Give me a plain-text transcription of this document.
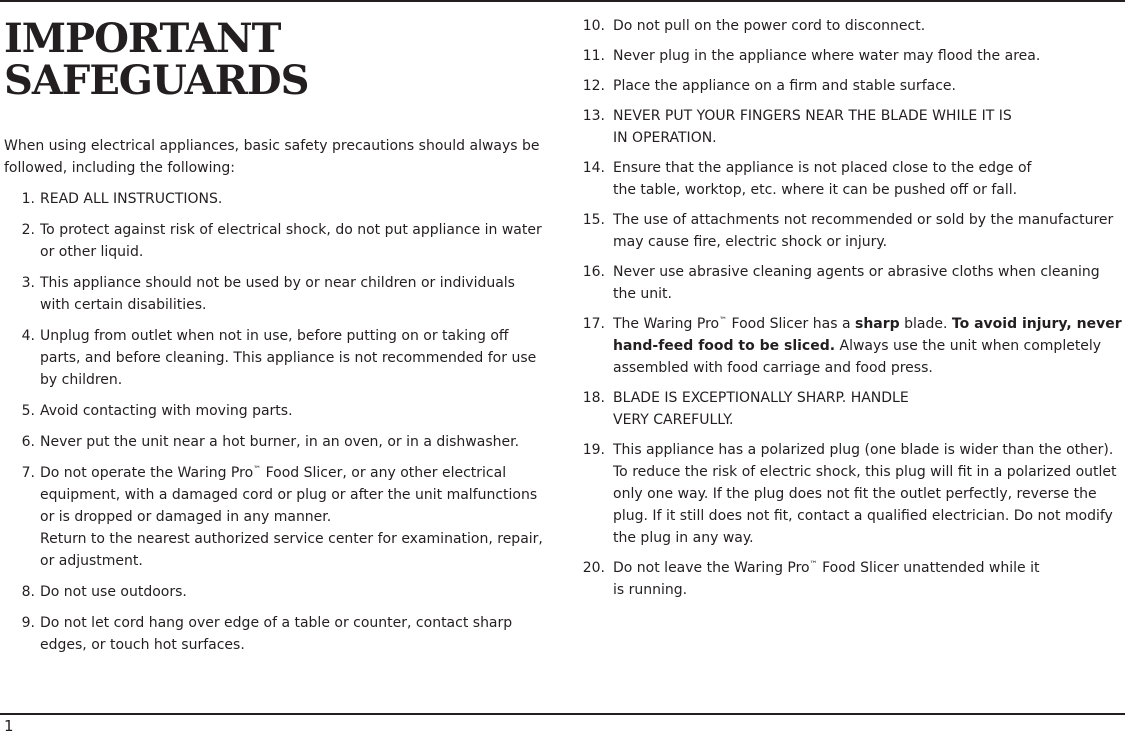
IMPORTANT
SAFEGUARDS

When using electrical appliances, basic safety precautions should always be followed, including the following:

1. READ ALL INSTRUCTIONS.
2. To protect against risk of electrical shock, do not put appliance in water or other liquid.
3. This appliance should not be used by or near children or individuals with certain disabilities.
4. Unplug from outlet when not in use, before putting on or taking off parts, and before cleaning. This appliance is not recommended for use by children.
5. Avoid contacting with moving parts.
6. Never put the unit near a hot burner, in an oven, or in a dishwasher.
7. Do not operate the Waring Pro™ Food Slicer, or any other electrical equipment, with a damaged cord or plug or after the unit malfunctions or is dropped or damaged in any manner.
Return to the nearest authorized service center for examination, repair, or adjustment.
8. Do not use outdoors.
9. Do not let cord hang over edge of a table or counter, contact sharp edges, or touch hot surfaces.
10. Do not pull on the power cord to disconnect.
11. Never plug in the appliance where water may flood the area.
12. Place the appliance on a firm and stable surface.
13. NEVER PUT YOUR FINGERS NEAR THE BLADE WHILE IT IS
IN OPERATION.
14. Ensure that the appliance is not placed close to the edge of
the table, worktop, etc. where it can be pushed off or fall.
15. The use of attachments not recommended or sold by the manufacturer may cause fire, electric shock or injury.
16. Never use abrasive cleaning agents or abrasive cloths when cleaning the unit.
17. The Waring Pro™ Food Slicer has a sharp blade. To avoid injury, never hand-feed food to be sliced. Always use the unit when completely assembled with food carriage and food press.
18. BLADE IS EXCEPTIONALLY SHARP. HANDLE
VERY CAREFULLY.
19. This appliance has a polarized plug (one blade is wider than the other). To reduce the risk of electric shock, this plug will fit in a polarized outlet only one way. If the plug does not fit the outlet perfectly, reverse the plug. If it still does not fit, contact a qualified electrician. Do not modify the plug in any way.
20. Do not leave the Waring Pro™ Food Slicer unattended while it
is running.
1
